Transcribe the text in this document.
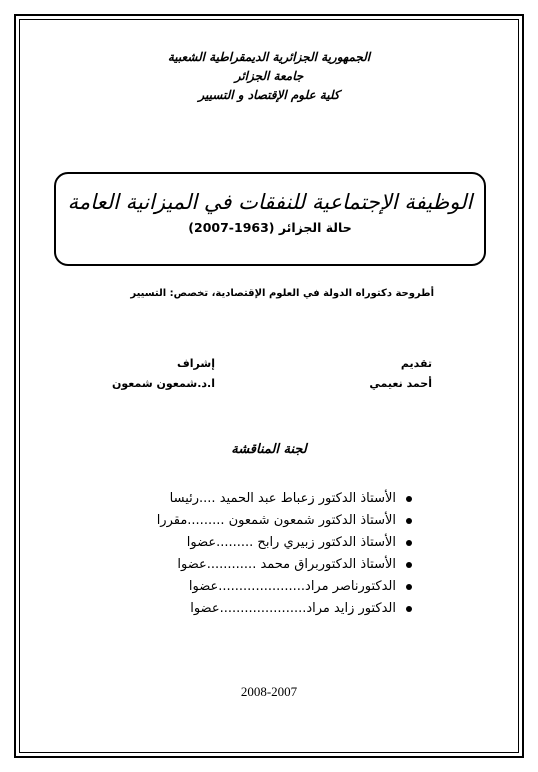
الجمهورية الجزائرية الديمقراطية الشعبية
جامعة الجزائر
كلية علوم الإقتصاد و التسيير
الوظيفة الإجتماعية للنفقات في الميزانية العامة
حالة الجزائر (1963-2007)
أطروحة دكتوراه الدولة في العلوم الإقتصادية، تخصص: التسيير
تقديم
أحمد نعيمي
إشراف
ا.د.شمعون شمعون
لجنة المناقشة
الأستاذ الدكتور زعباط عبد الحميد ....رئيسا
الأستاذ الدكتور شمعون شمعون .........مقررا
الأستاذ الدكتور زبيري رابح .........عضوا
الأستاذ الدكتوربراق محمد ............عضوا
الدكتورناصر مراد.....................عضوا
الدكتور زايد مراد.....................عضوا
2008-2007
